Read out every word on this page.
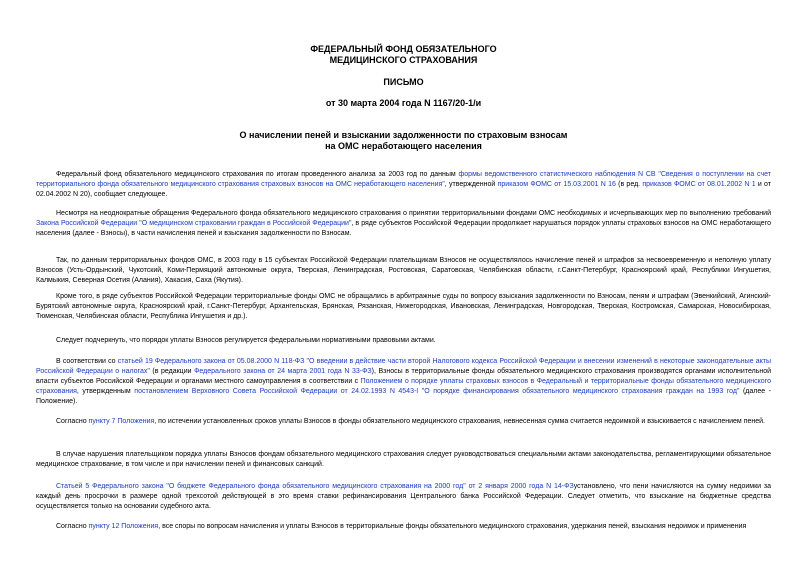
ФЕДЕРАЛЬНЫЙ ФОНД ОБЯЗАТЕЛЬНОГО
МЕДИЦИНСКОГО СТРАХОВАНИЯ
ПИСЬМО
от 30 марта 2004 года N 1167/20-1/и
О начислении пеней и взыскании задолженности по страховым взносам
на ОМС неработающего населения
Федеральный фонд обязательного медицинского страхования по итогам проведенного анализа за 2003 год по данным формы ведомственного статистического наблюдения N СВ "Сведения о поступлении на счет территориального фонда обязательного медицинского страхования страховых взносов на ОМС неработающего населения", утвержденной приказом ФОМС от 15.03.2001 N 16 (в ред. приказов ФОМС от 08.01.2002 N 1 и от 02.04.2002 N 20), сообщает следующее.
Несмотря на неоднократные обращения Федерального фонда обязательного медицинского страхования о принятии территориальными фондами ОМС необходимых и исчерпывающих мер по выполнению требований Закона Российской Федерации "О медицинском страховании граждан в Российской Федерации", в ряде субъектов Российской Федерации продолжает нарушаться порядок уплаты страховых взносов на ОМС неработающего населения (далее - Взносы), в части начисления пеней и взыскания задолженности по Взносам.
Так, по данным территориальных фондов ОМС, в 2003 году в 15 субъектах Российской Федерации плательщикам Взносов не осуществлялось начисление пеней и штрафов за несвоевременную и неполную уплату Взносов (Усть-Ордынский, Чукотский, Коми-Пермяцкий автономные округа, Тверская, Ленинградская, Ростовская, Саратовская, Челябинская области, г.Санкт-Петербург, Красноярский край, Республики Ингушетия, Калмыкия, Северная Осетия (Алания), Хакасия, Саха (Якутия).
Кроме того, в ряде субъектов Российской Федерации территориальные фонды ОМС не обращались в арбитражные суды по вопросу взыскания задолженности по Взносам, пеням и штрафам (Эвенкийский, Агинский-Бурятский автономные округа, Красноярский край, г.Санкт-Петербург, Архангельская, Брянская, Рязанская, Нижегородская, Ивановская, Ленинградская, Новгородская, Тверская, Костромская, Самарская, Новосибирская, Тюменская, Челябинская области, Республика Ингушетия и др.).
Следует подчеркнуть, что порядок уплаты Взносов регулируется федеральными нормативными правовыми актами.
В соответствии со статьей 19 Федерального закона от 05.08.2000 N 118-ФЗ "О введении в действие части второй Налогового кодекса Российской Федерации и внесении изменений в некоторые законодательные акты Российской Федерации о налогах" (в редакции Федерального закона от 24 марта 2001 года N 33-ФЗ), Взносы в территориальные фонды обязательного медицинского страхования производятся органами исполнительной власти субъектов Российской Федерации и органами местного самоуправления в соответствии с Положением о порядке уплаты страховых взносов в Федеральный и территориальные фонды обязательного медицинского страхования, утвержденным постановлением Верховного Совета Российской Федерации от 24.02.1993 N 4543-I "О порядке финансирования обязательного медицинского страхования граждан на 1993 год" (далее - Положение).
Согласно пункту 7 Положения, по истечении установленных сроков уплаты Взносов в фонды обязательного медицинского страхования, невнесенная сумма считается недоимкой и взыскивается с начислением пеней.
В случае нарушения плательщиком порядка уплаты Взносов фондам обязательного медицинского страхования следует руководствоваться специальными актами законодательства, регламентирующими обязательное медицинское страхование, в том числе и при начислении пеней и финансовых санкций.
Статьей 5 Федерального закона "О бюджете Федерального фонда обязательного медицинского страхования на 2000 год" от 2 января 2000 года N 14-ФЗустановлено, что пени начисляются на сумму недоимки за каждый день просрочки в размере одной трехсотой действующей в это время ставки рефинансирования Центрального банка Российской Федерации. Следует отметить, что взыскание на бюджетные средства осуществляется только на основании судебного акта.
Согласно пункту 12 Положения, все споры по вопросам начисления и уплаты Взносов в территориальные фонды обязательного медицинского страхования, удержания пеней, взыскания недоимок и применения
